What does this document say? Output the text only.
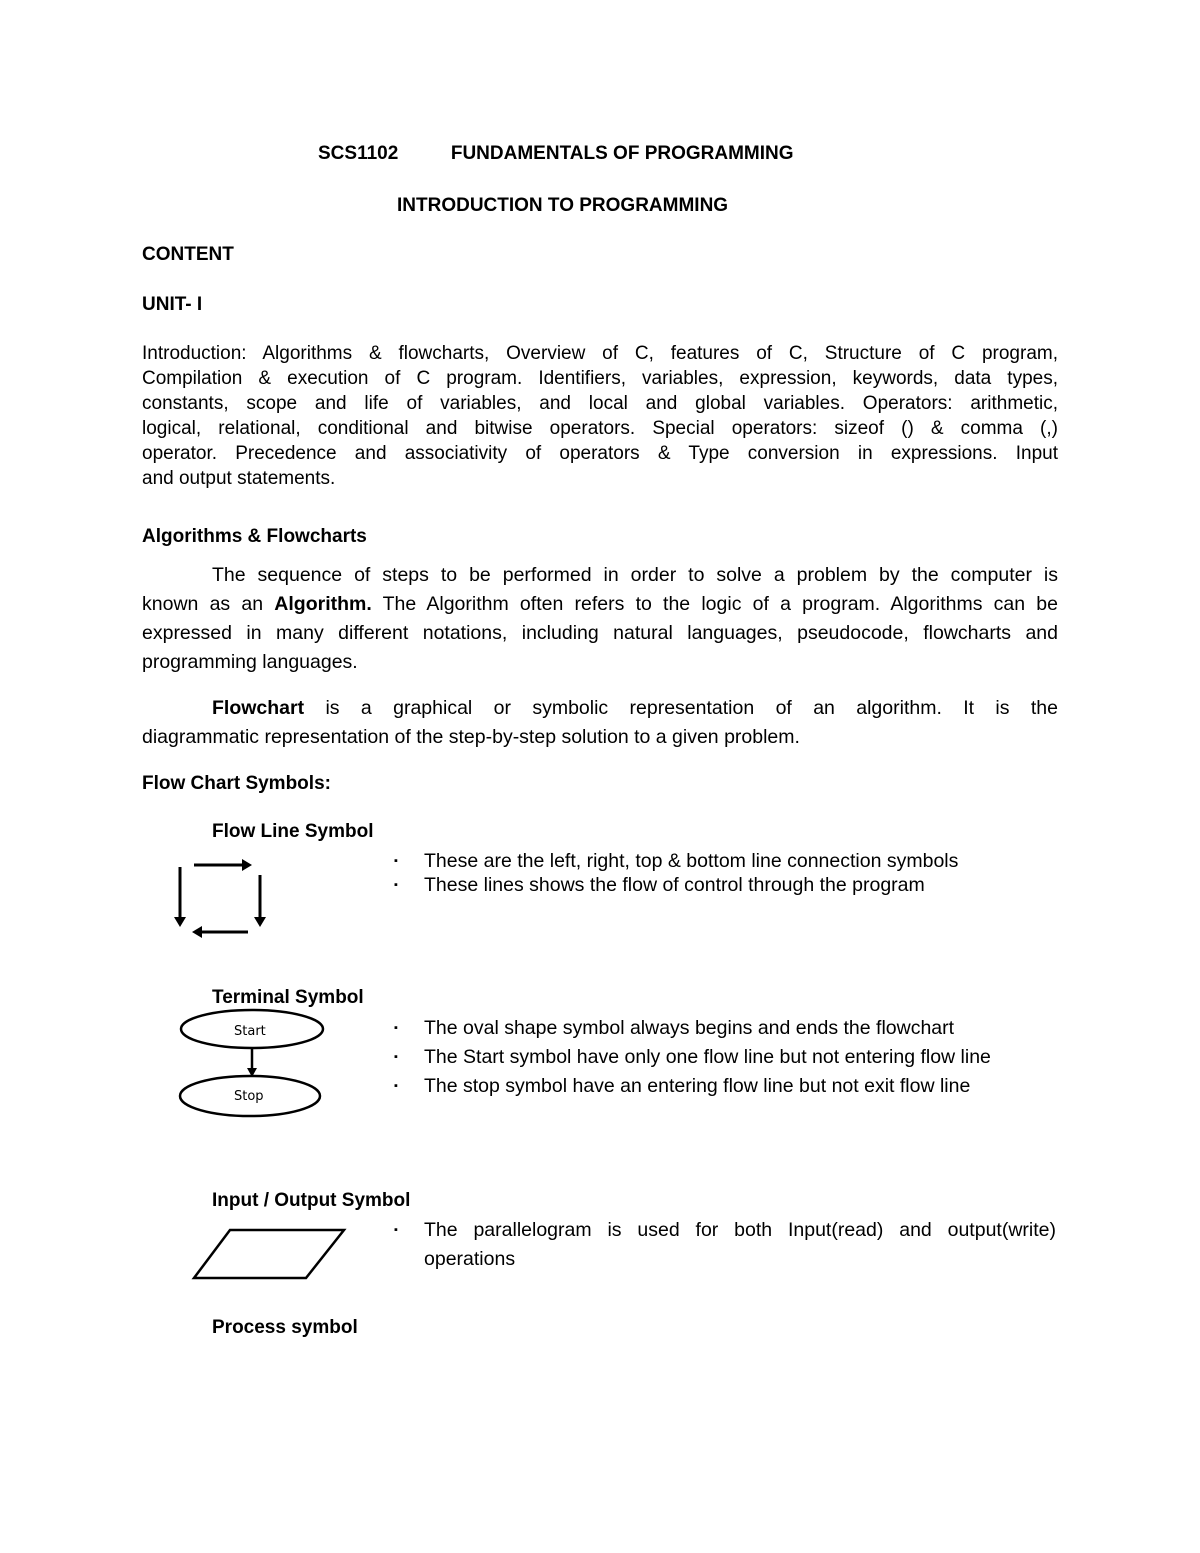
SCS1102	FUNDAMENTALS OF PROGRAMMING
INTRODUCTION TO PROGRAMMING
CONTENT
UNIT- I
Introduction: Algorithms & flowcharts, Overview of C, features of C, Structure of C program,
Compilation & execution of C program. Identifiers, variables, expression, keywords, data types,
constants, scope and life of variables, and local and global variables. Operators: arithmetic,
logical, relational, conditional and bitwise operators. Special operators: sizeof () & comma (,)
operator. Precedence and associativity of operators & Type conversion in expressions. Input
and output statements.
Algorithms & Flowcharts
The sequence of steps to be performed in order to solve a problem by the computer is
known as an Algorithm. The Algorithm often refers to the logic of a program. Algorithms can be
expressed in many different notations, including natural languages, pseudocode, flowcharts and
programming languages.
Flowchart is a graphical or symbolic representation of an algorithm. It is the
diagrammatic representation of the step-by-step solution to a given problem.
Flow Chart Symbols:
Flow Line Symbol
▪ These are the left, right, top & bottom line connection symbols
▪ These lines shows the flow of control through the program
Terminal Symbol
Start
Stop
▪ The oval shape symbol always begins and ends the flowchart
▪ The Start symbol have only one flow line but not entering flow line
▪ The stop symbol have an entering flow line but not exit flow line
Input / Output Symbol
▪ The parallelogram is used for both Input(read) and output(write) operations
Process symbol
